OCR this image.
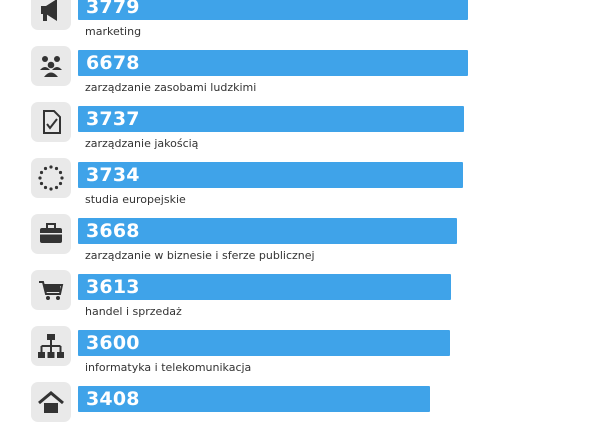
3779
marketing
6678
zarządzanie zasobami ludzkimi
3737
zarządzanie jakością
3734
studia europejskie
3668
zarządzanie w biznesie i sferze publicznej
3613
handel i sprzedaż
3600
informatyka i telekomunikacja
3408
